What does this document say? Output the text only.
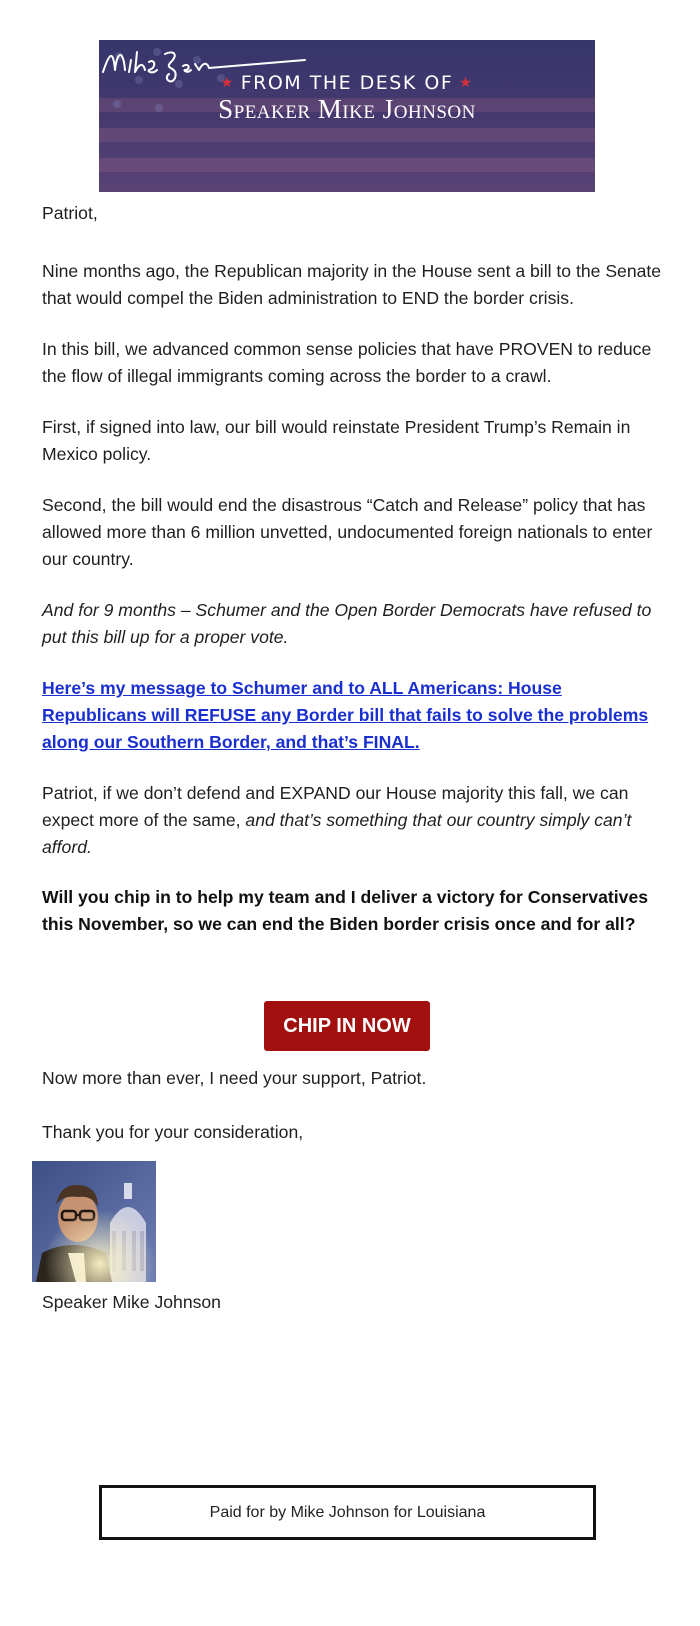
★ FROM THE DESK OF ★
Speaker Mike Johnson
Patriot,
Nine months ago, the Republican majority in the House sent a bill to the Senate that would compel the Biden administration to END the border crisis.
In this bill, we advanced common sense policies that have PROVEN to reduce the flow of illegal immigrants coming across the border to a crawl.
First, if signed into law, our bill would reinstate President Trump’s Remain in Mexico policy.
Second, the bill would end the disastrous “Catch and Release” policy that has allowed more than 6 million unvetted, undocumented foreign nationals to enter our country.
And for 9 months – Schumer and the Open Border Democrats have refused to put this bill up for a proper vote.
Here’s my message to Schumer and to ALL Americans: House Republicans will REFUSE any Border bill that fails to solve the problems along our Southern Border, and that’s FINAL.
Patriot, if we don’t defend and EXPAND our House majority this fall, we can expect more of the same, and that’s something that our country simply can’t afford.
Will you chip in to help my team and I deliver a victory for Conservatives this November, so we can end the Biden border crisis once and for all?
CHIP IN NOW
Now more than ever, I need your support, Patriot.
Thank you for your consideration,
Speaker Mike Johnson
Paid for by Mike Johnson for Louisiana
